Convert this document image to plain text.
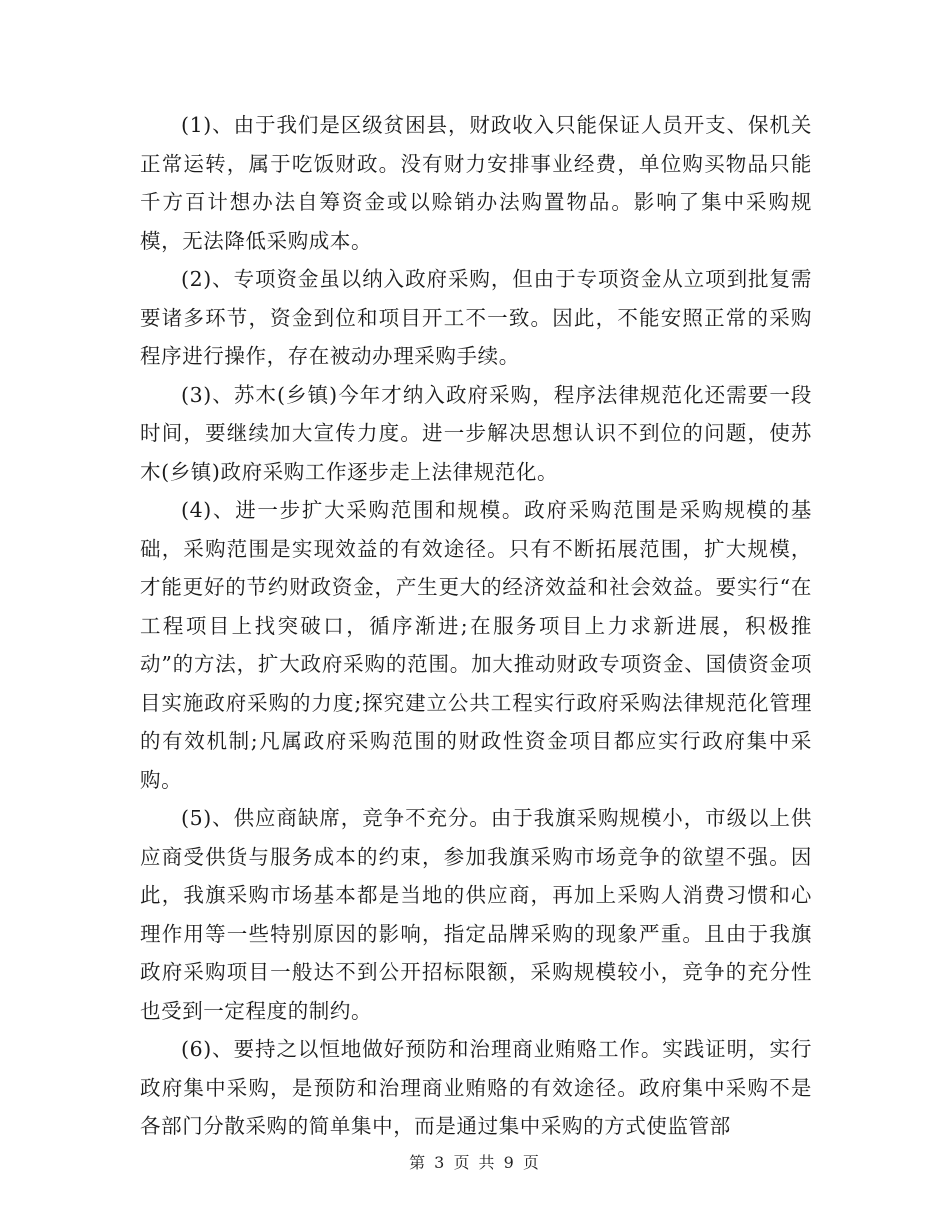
(1)、由于我们是区级贫困县，财政收入只能保证人员开支、保机关正常运转，属于吃饭财政。没有财力安排事业经费，单位购买物品只能千方百计想办法自筹资金或以赊销办法购置物品。影响了集中采购规模，无法降低采购成本。

(2)、专项资金虽以纳入政府采购，但由于专项资金从立项到批复需要诸多环节，资金到位和项目开工不一致。因此，不能安照正常的采购程序进行操作，存在被动办理采购手续。

(3)、苏木(乡镇)今年才纳入政府采购，程序法律规范化还需要一段时间，要继续加大宣传力度。进一步解决思想认识不到位的问题，使苏木(乡镇)政府采购工作逐步走上法律规范化。

(4)、进一步扩大采购范围和规模。政府采购范围是采购规模的基础，采购范围是实现效益的有效途径。只有不断拓展范围，扩大规模，才能更好的节约财政资金，产生更大的经济效益和社会效益。要实行“在工程项目上找突破口，循序渐进;在服务项目上力求新进展，积极推动”的方法，扩大政府采购的范围。加大推动财政专项资金、国债资金项目实施政府采购的力度;探究建立公共工程实行政府采购法律规范化管理的有效机制;凡属政府采购范围的财政性资金项目都应实行政府集中采购。

(5)、供应商缺席，竞争不充分。由于我旗采购规模小，市级以上供应商受供货与服务成本的约束，参加我旗采购市场竞争的欲望不强。因此，我旗采购市场基本都是当地的供应商，再加上采购人消费习惯和心理作用等一些特别原因的影响，指定品牌采购的现象严重。且由于我旗政府采购项目一般达不到公开招标限额，采购规模较小，竞争的充分性也受到一定程度的制约。

(6)、要持之以恒地做好预防和治理商业贿赂工作。实践证明，实行政府集中采购，是预防和治理商业贿赂的有效途径。政府集中采购不是各部门分散采购的简单集中，而是通过集中采购的方式使监管部

第 3 页 共 9 页
